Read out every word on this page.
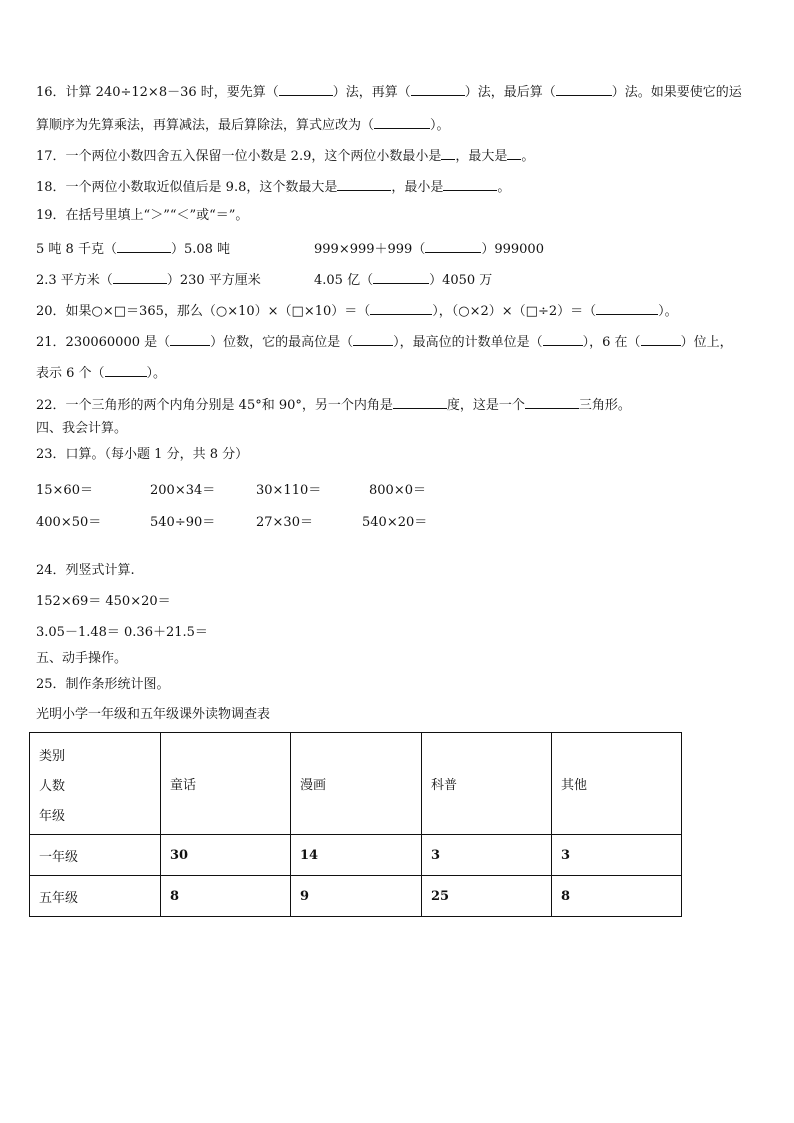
16．计算 240÷12×8－36 时，要先算（	）法，再算（	）法，最后算（	）法。如果要使它的运
算顺序为先算乘法，再算减法，最后算除法，算式应改为（	）。
17．一个两位小数四舍五入保留一位小数是 2.9，这个两位小数最小是 ，最大是 。
18．一个两位小数取近似值后是 9.8，这个数最大是	，最小是	。
19．在括号里填上“＞”“＜”或“＝”。
5 吨 8 千克（	）5.08 吨	999×999＋999（	）999000
2.3 平方米（	）230 平方厘米	4.05 亿（	）4050 万
20．如果○×□＝365，那么（○×10）×（□×10）＝（	），（○×2）×（□÷2）＝（	）。
21．230060000 是（	）位数，它的最高位是（	），最高位的计数单位是（	），6 在（	）位上，
表示 6 个（	）。
22．一个三角形的两个内角分别是 45°和 90°，另一个内角是	度，这是一个	三角形。
四、我会计算。
23．口算。（每小题 1 分，共 8 分）
15×60＝	200×34＝	30×110＝	800×0＝
400×50＝	540÷90＝	27×30＝	540×20＝
24．列竖式计算.
152×69＝ 450×20＝
3.05－1.48＝ 0.36＋21.5＝
五、动手操作。
25．制作条形统计图。
光明小学一年级和五年级课外读物调查表
类别
人数
年级	童话	漫画	科普	其他
一年级	30	14	3	3
五年级	8	9	25	8
